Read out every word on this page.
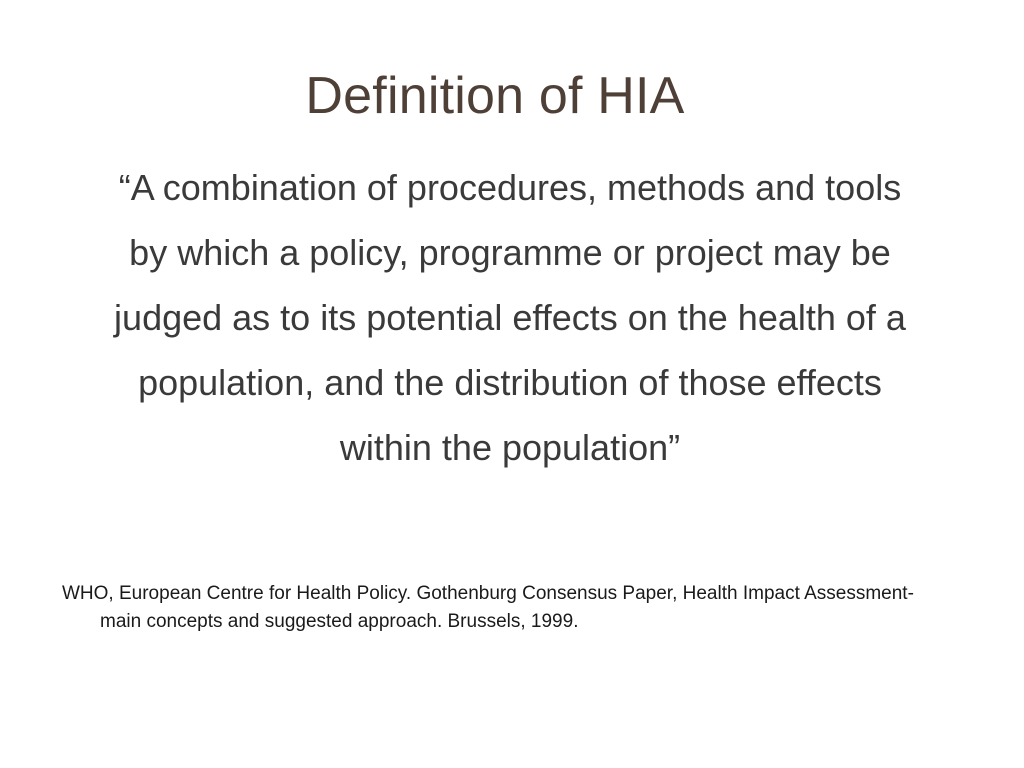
Definition of HIA

“A combination of procedures, methods and tools by which a policy, programme or project may be judged as to its potential effects on the health of a population, and the distribution of those effects within the population”

WHO, European Centre for Health Policy. Gothenburg Consensus Paper, Health Impact Assessment- main concepts and suggested approach. Brussels, 1999.
